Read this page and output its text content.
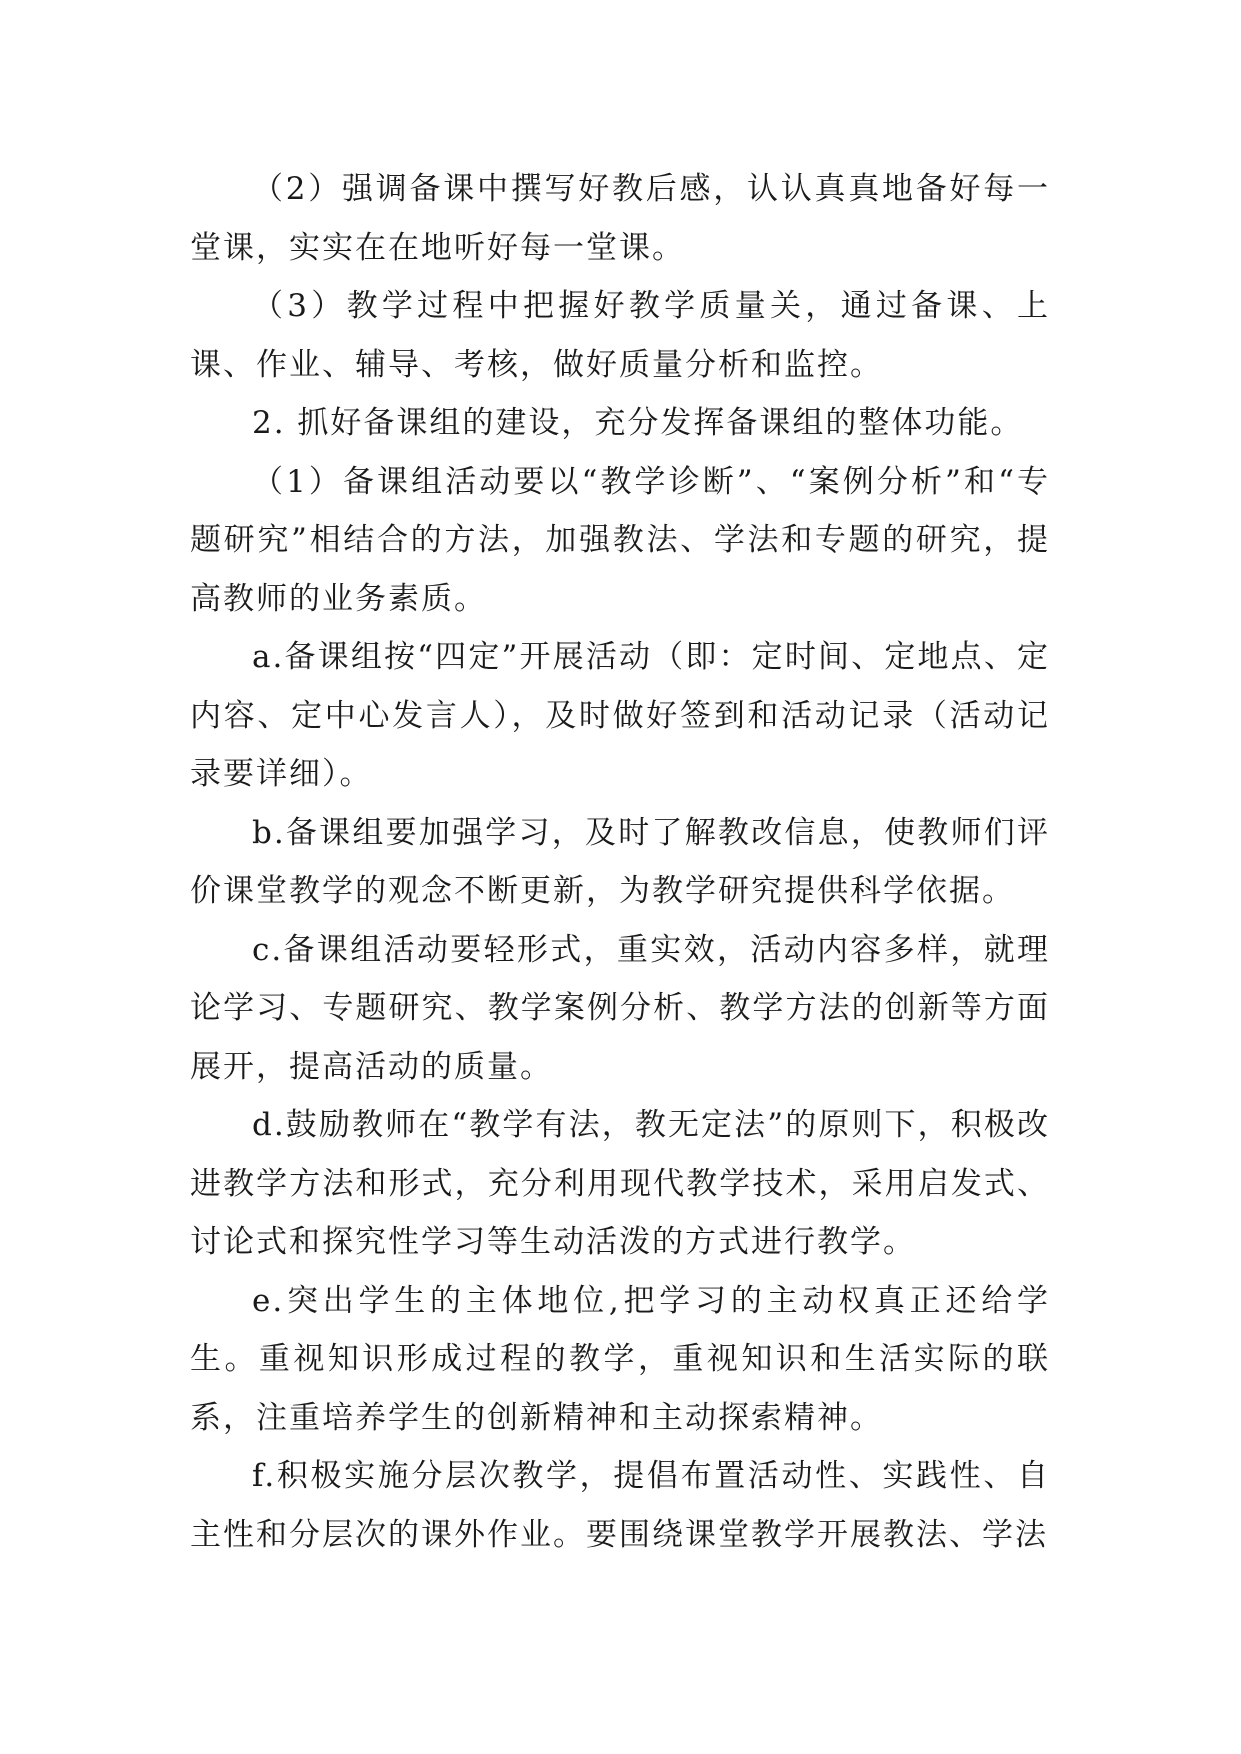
（2）强调备课中撰写好教后感，认认真真地备好每一堂课，实实在在地听好每一堂课。

（3）教学过程中把握好教学质量关，通过备课、上课、作业、辅导、考核，做好质量分析和监控。

2. 抓好备课组的建设，充分发挥备课组的整体功能。

（1）备课组活动要以“教学诊断”、“案例分析”和“专题研究”相结合的方法，加强教法、学法和专题的研究，提高教师的业务素质。

a.备课组按“四定”开展活动（即：定时间、定地点、定内容、定中心发言人），及时做好签到和活动记录（活动记录要详细）。

b.备课组要加强学习，及时了解教改信息，使教师们评价课堂教学的观念不断更新，为教学研究提供科学依据。

c.备课组活动要轻形式，重实效，活动内容多样，就理论学习、专题研究、教学案例分析、教学方法的创新等方面展开，提高活动的质量。

d.鼓励教师在“教学有法，教无定法”的原则下，积极改进教学方法和形式，充分利用现代教学技术，采用启发式、讨论式和探究性学习等生动活泼的方式进行教学。

e.突出学生的主体地位,把学习的主动权真正还给学生。重视知识形成过程的教学，重视知识和生活实际的联系，注重培养学生的创新精神和主动探索精神。

f.积极实施分层次教学，提倡布置活动性、实践性、自主性和分层次的课外作业。要围绕课堂教学开展教法、学法
